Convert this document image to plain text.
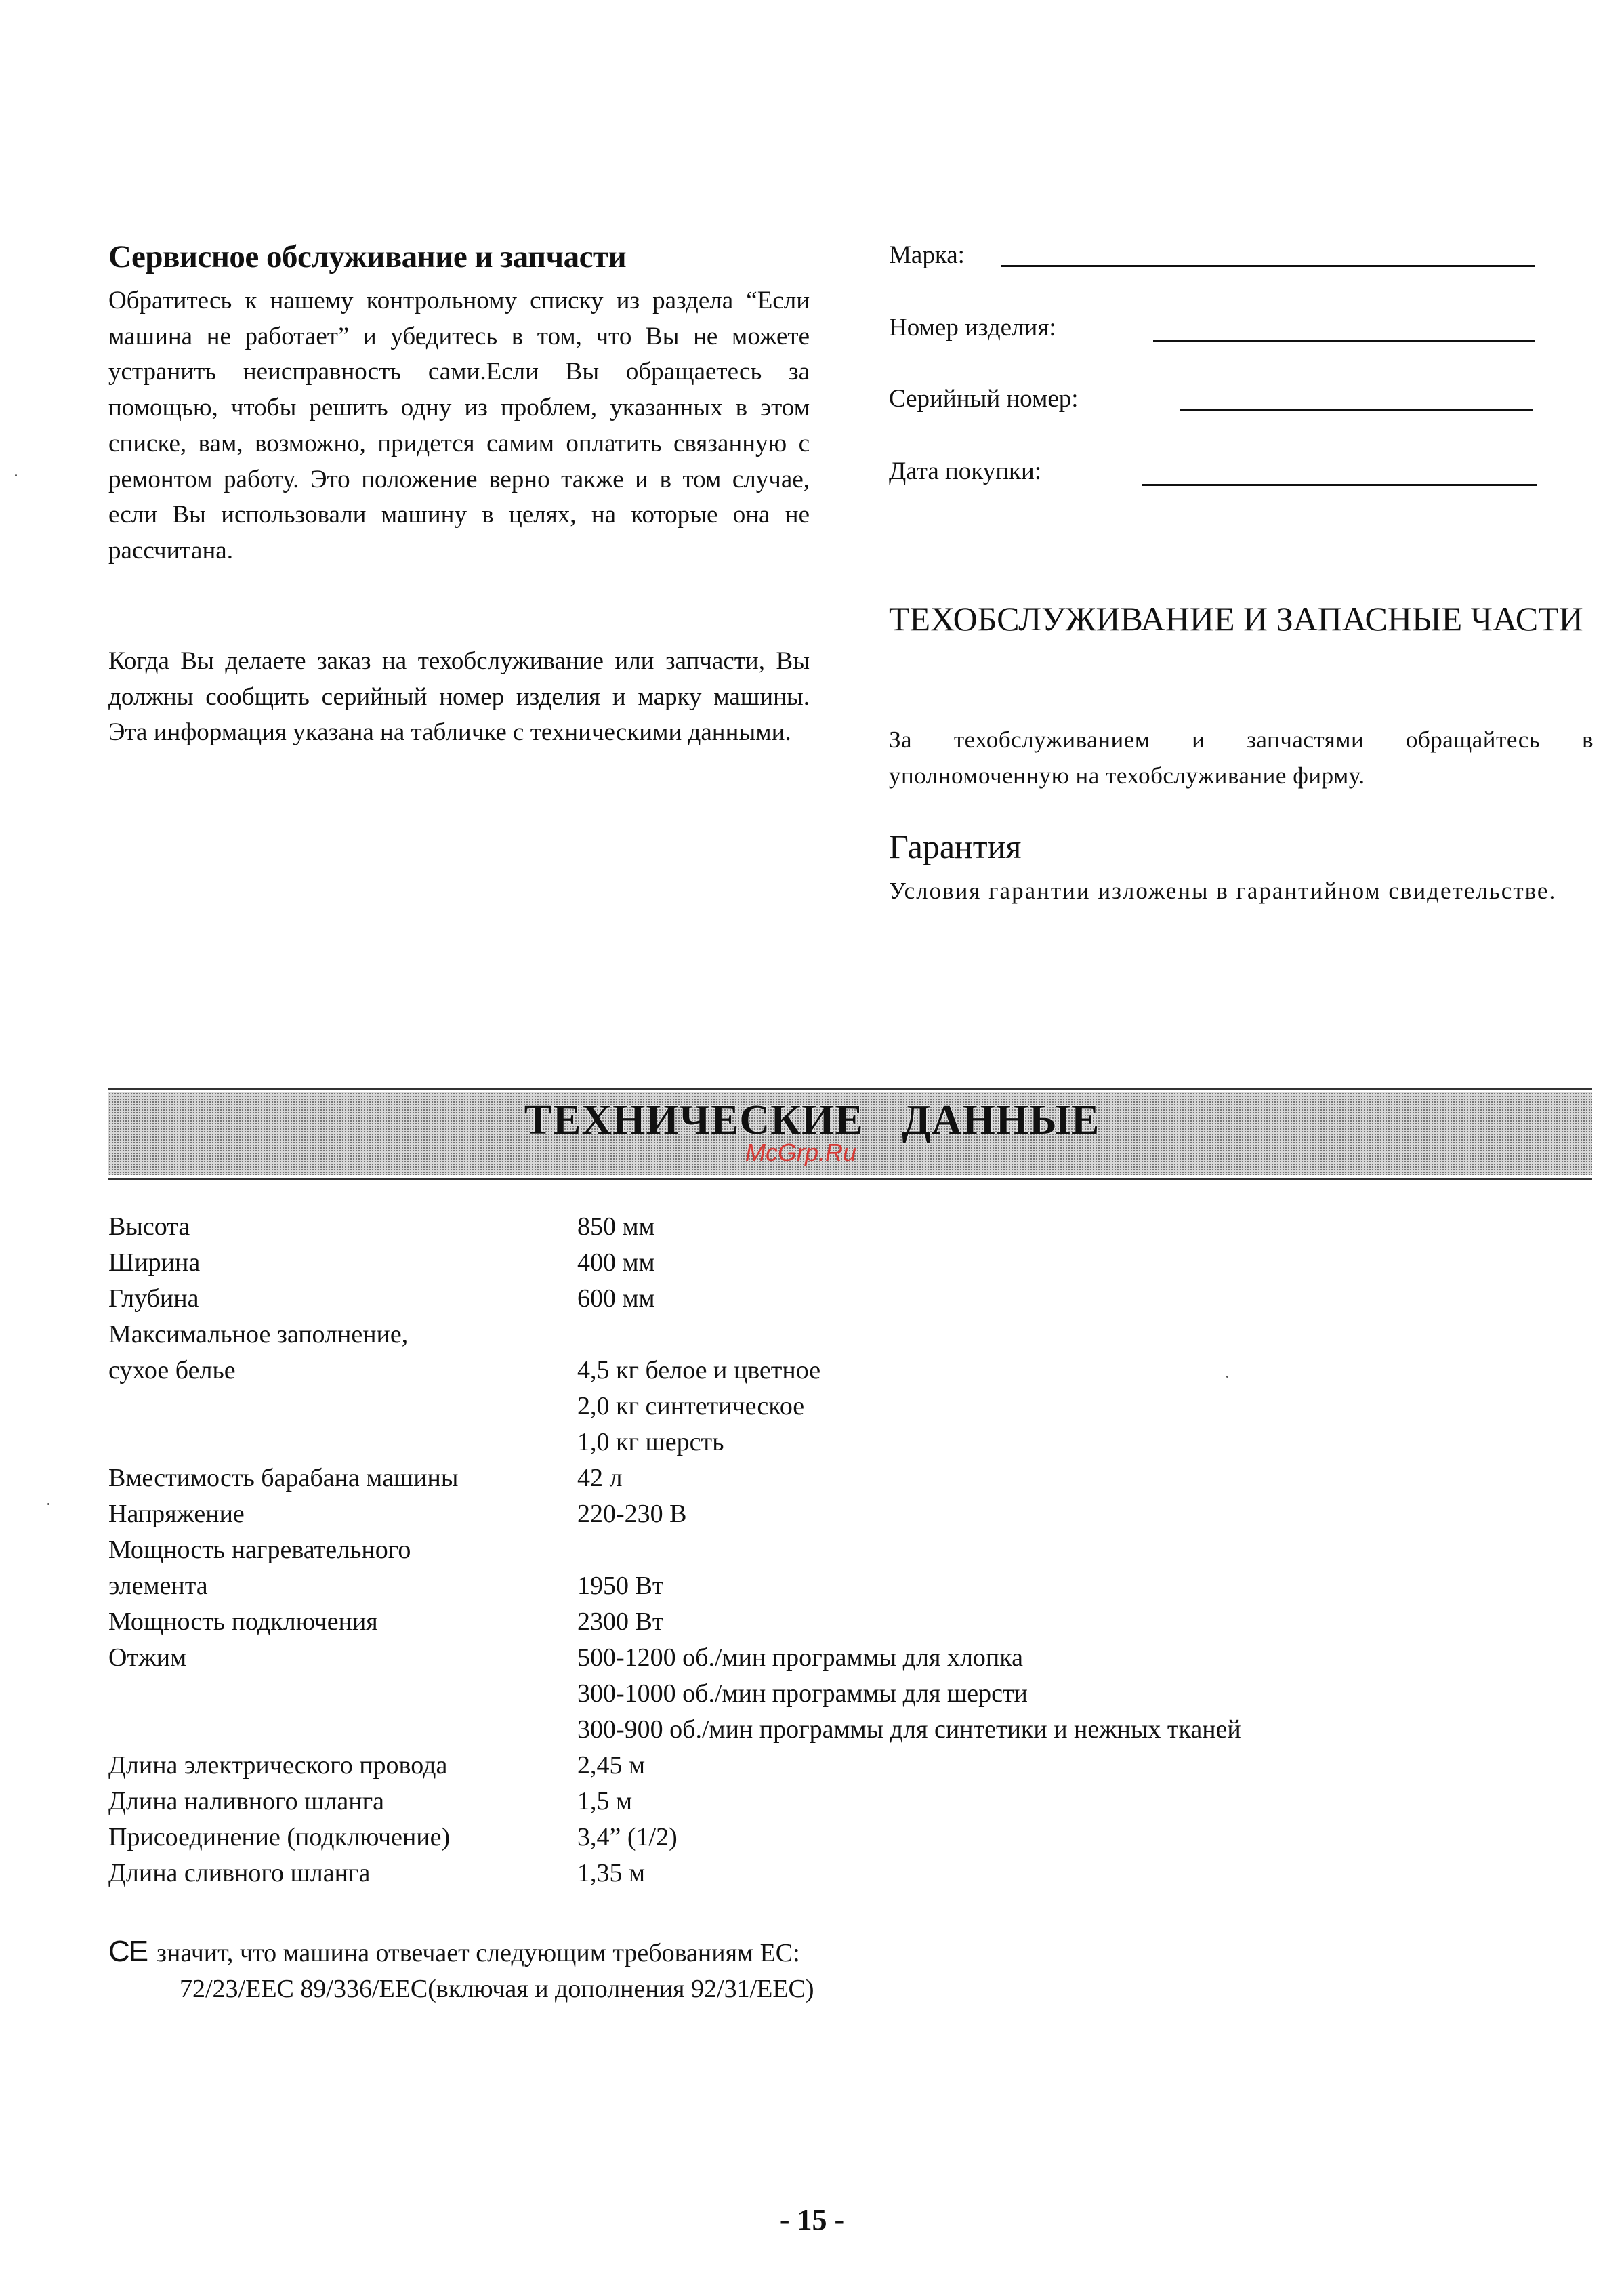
Сервисное обслуживание и запчасти
Обратитесь к нашему контрольному списку из раздела “Если машина не работает” и убедитесь в том, что Вы не можете устранить неисправность сами.Если Вы обращаетесь за помощью, чтобы решить одну из проблем, указанных в этом списке, вам, возможно, придется самим оплатить связанную с ремонтом работу. Это положение верно также и в том случае, если Вы использовали машину в целях, на которые она не рассчитана.
Когда Вы делаете заказ на техобслуживание или запчасти, Вы должны сообщить серийный номер изделия и марку машины. Эта информация указана на табличке с техническими данными.
Марка:
Номер изделия:
Серийный номер:
Дата покупки:
ТЕХОБСЛУЖИВАНИЕ И ЗАПАСНЫЕ ЧАСТИ
За техобслуживанием и запчастями обращайтесь в уполномоченную на техобслуживание фирму.
Гарантия
Условия гарантии изложены в гарантийном свидетельстве.
ТЕХНИЧЕСКИЕ ДАННЫЕ
McGrp.Ru
Высота
Ширина
Глубина
Максимальное заполнение,
сухое белье
Вместимость барабана машины
Напряжение
Мощность нагревательного
элемента
Мощность подключения
Отжим
Длина электрического провода
Длина наливного шланга
Присоединение (подключение)
Длина сливного шланга
850 мм
400 мм
600 мм
4,5 кг белое и цветное
2,0 кг синтетическое
1,0 кг шерсть
42 л
220-230 В
1950 Вт
2300 Вт
500-1200 об./мин программы для хлопка
300-1000 об./мин программы для шерсти
300-900 об./мин программы для синтетики и нежных тканей
2,45 м
1,5 м
3,4” (1/2)
1,35 м
CE значит, что машина отвечает следующим требованиям ЕС:
72/23/ЕЕС 89/336/ЕЕС(включая и дополнения 92/31/ЕЕС)
- 15 -
